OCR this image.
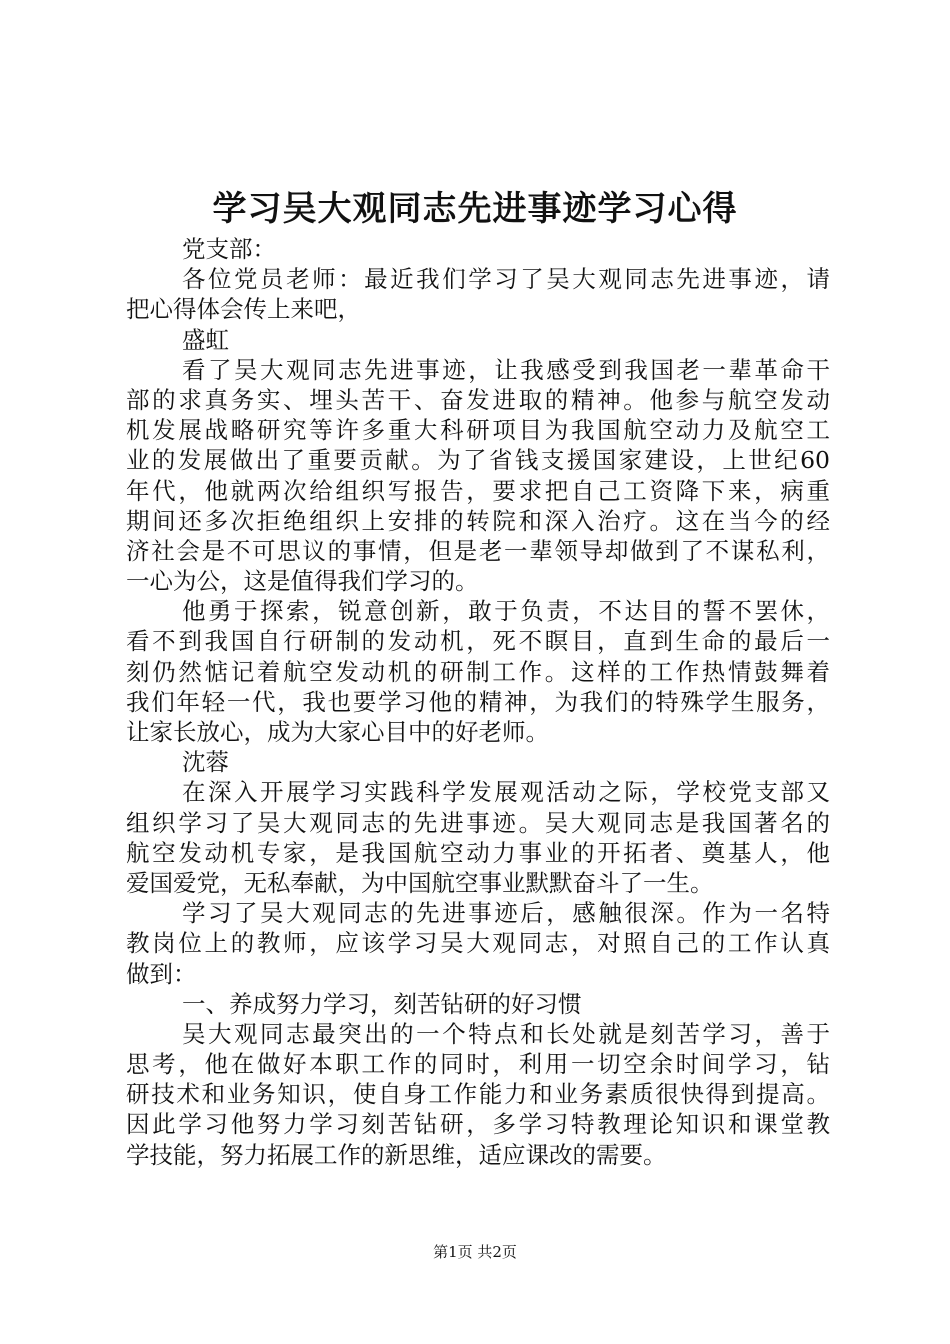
学习吴大观同志先进事迹学习心得
党支部：
各位党员老师：最近我们学习了吴大观同志先进事迹，请
把心得体会传上来吧，
盛虹
看了吴大观同志先进事迹，让我感受到我国老一辈革命干
部的求真务实、埋头苦干、奋发进取的精神。他参与航空发动
机发展战略研究等许多重大科研项目为我国航空动力及航空工
业的发展做出了重要贡献。为了省钱支援国家建设，上世纪60
年代，他就两次给组织写报告，要求把自己工资降下来，病重
期间还多次拒绝组织上安排的转院和深入治疗。这在当今的经
济社会是不可思议的事情，但是老一辈领导却做到了不谋私利，
一心为公，这是值得我们学习的。
他勇于探索，锐意创新，敢于负责，不达目的誓不罢休，
看不到我国自行研制的发动机，死不瞑目，直到生命的最后一
刻仍然惦记着航空发动机的研制工作。这样的工作热情鼓舞着
我们年轻一代，我也要学习他的精神，为我们的特殊学生服务，
让家长放心，成为大家心目中的好老师。
沈蓉
在深入开展学习实践科学发展观活动之际，学校党支部又
组织学习了吴大观同志的先进事迹。吴大观同志是我国著名的
航空发动机专家，是我国航空动力事业的开拓者、奠基人，他
爱国爱党，无私奉献，为中国航空事业默默奋斗了一生。
学习了吴大观同志的先进事迹后，感触很深。作为一名特
教岗位上的教师，应该学习吴大观同志，对照自己的工作认真
做到：
一、养成努力学习，刻苦钻研的好习惯
吴大观同志最突出的一个特点和长处就是刻苦学习，善于
思考，他在做好本职工作的同时，利用一切空余时间学习，钻
研技术和业务知识，使自身工作能力和业务素质很快得到提高。
因此学习他努力学习刻苦钻研，多学习特教理论知识和课堂教
学技能，努力拓展工作的新思维，适应课改的需要。
第1页 共2页
